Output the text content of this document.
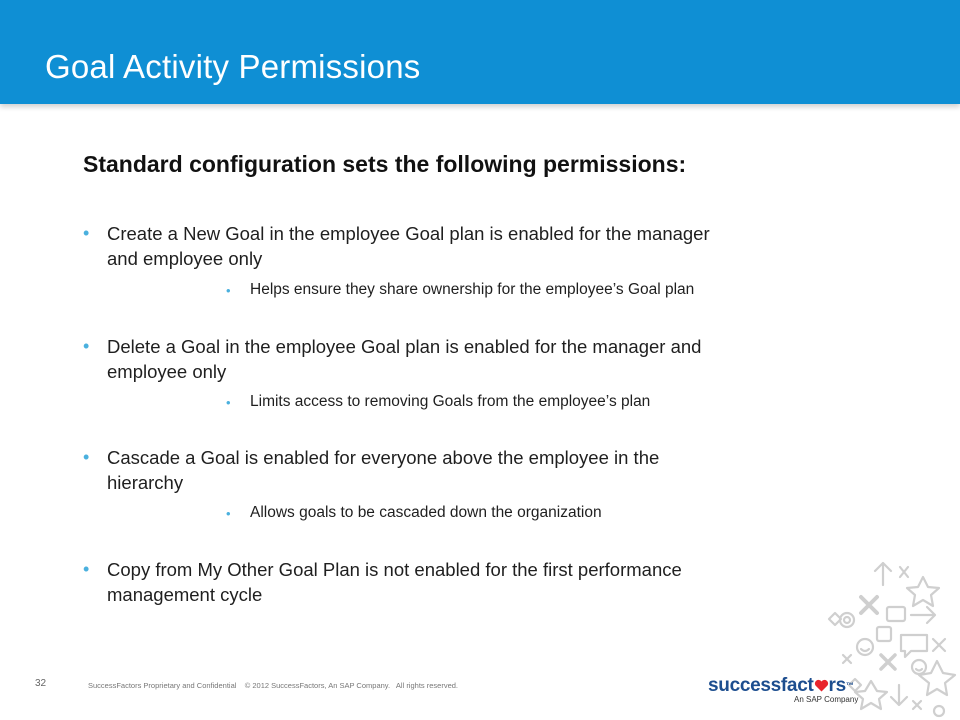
Goal Activity Permissions
Standard configuration sets the following permissions:
• Create a New Goal in the employee Goal plan is enabled for the manager
and employee only
• Helps ensure they share ownership for the employee’s Goal plan
• Delete a Goal in the employee Goal plan is enabled for the manager and
employee only
• Limits access to removing Goals from the employee’s plan
• Cascade a Goal is enabled for everyone above the employee in the
hierarchy
• Allows goals to be cascaded down the organization
• Copy from My Other Goal Plan is not enabled for the first performance
management cycle
32	SuccessFactors Proprietary and Confidential    © 2012 SuccessFactors, An SAP Company.   All rights reserved.	successfact rs™
An SAP Company
